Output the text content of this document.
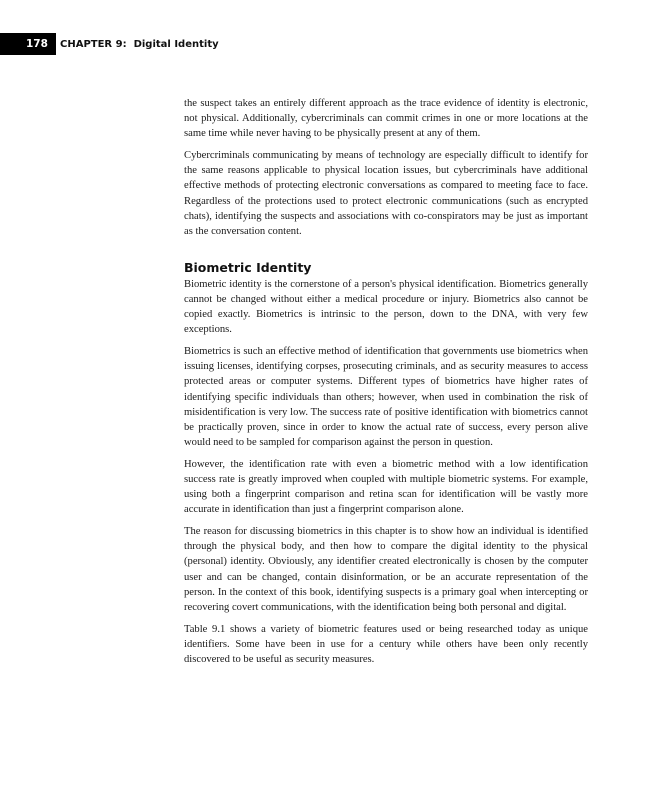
178	CHAPTER 9: Digital Identity

the suspect takes an entirely different approach as the trace evidence of identity is electronic, not physical. Additionally, cybercriminals can commit crimes in one or more locations at the same time while never having to be physically present at any of them.

Cybercriminals communicating by means of technology are especially difficult to identify for the same reasons applicable to physical location issues, but cybercriminals have additional effective methods of protecting electronic conversations as compared to meeting face to face. Regardless of the protections used to protect electronic communications (such as encrypted chats), identifying the suspects and associations with co-conspirators may be just as important as the conversation content.

Biometric Identity

Biometric identity is the cornerstone of a person's physical identification. Biometrics generally cannot be changed without either a medical procedure or injury. Biometrics also cannot be copied exactly. Biometrics is intrinsic to the person, down to the DNA, with very few exceptions.

Biometrics is such an effective method of identification that governments use biometrics when issuing licenses, identifying corpses, prosecuting criminals, and as security measures to access protected areas or computer systems. Different types of biometrics have higher rates of identifying specific individuals than others; however, when used in combination the risk of misidentification is very low. The success rate of positive identification with biometrics cannot be practically proven, since in order to know the actual rate of success, every person alive would need to be sampled for comparison against the person in question.

However, the identification rate with even a biometric method with a low identification success rate is greatly improved when coupled with multiple biometric systems. For example, using both a fingerprint comparison and retina scan for identification will be vastly more accurate in identification than just a fingerprint comparison alone.

The reason for discussing biometrics in this chapter is to show how an individual is identified through the physical body, and then how to compare the digital identity to the physical (personal) identity. Obviously, any identifier created electronically is chosen by the computer user and can be changed, contain disinformation, or be an accurate representation of the person. In the context of this book, identifying suspects is a primary goal when intercepting or recovering covert communications, with the identification being both personal and digital.

Table 9.1 shows a variety of biometric features used or being researched today as unique identifiers. Some have been in use for a century while others have been only recently discovered to be useful as security measures.
